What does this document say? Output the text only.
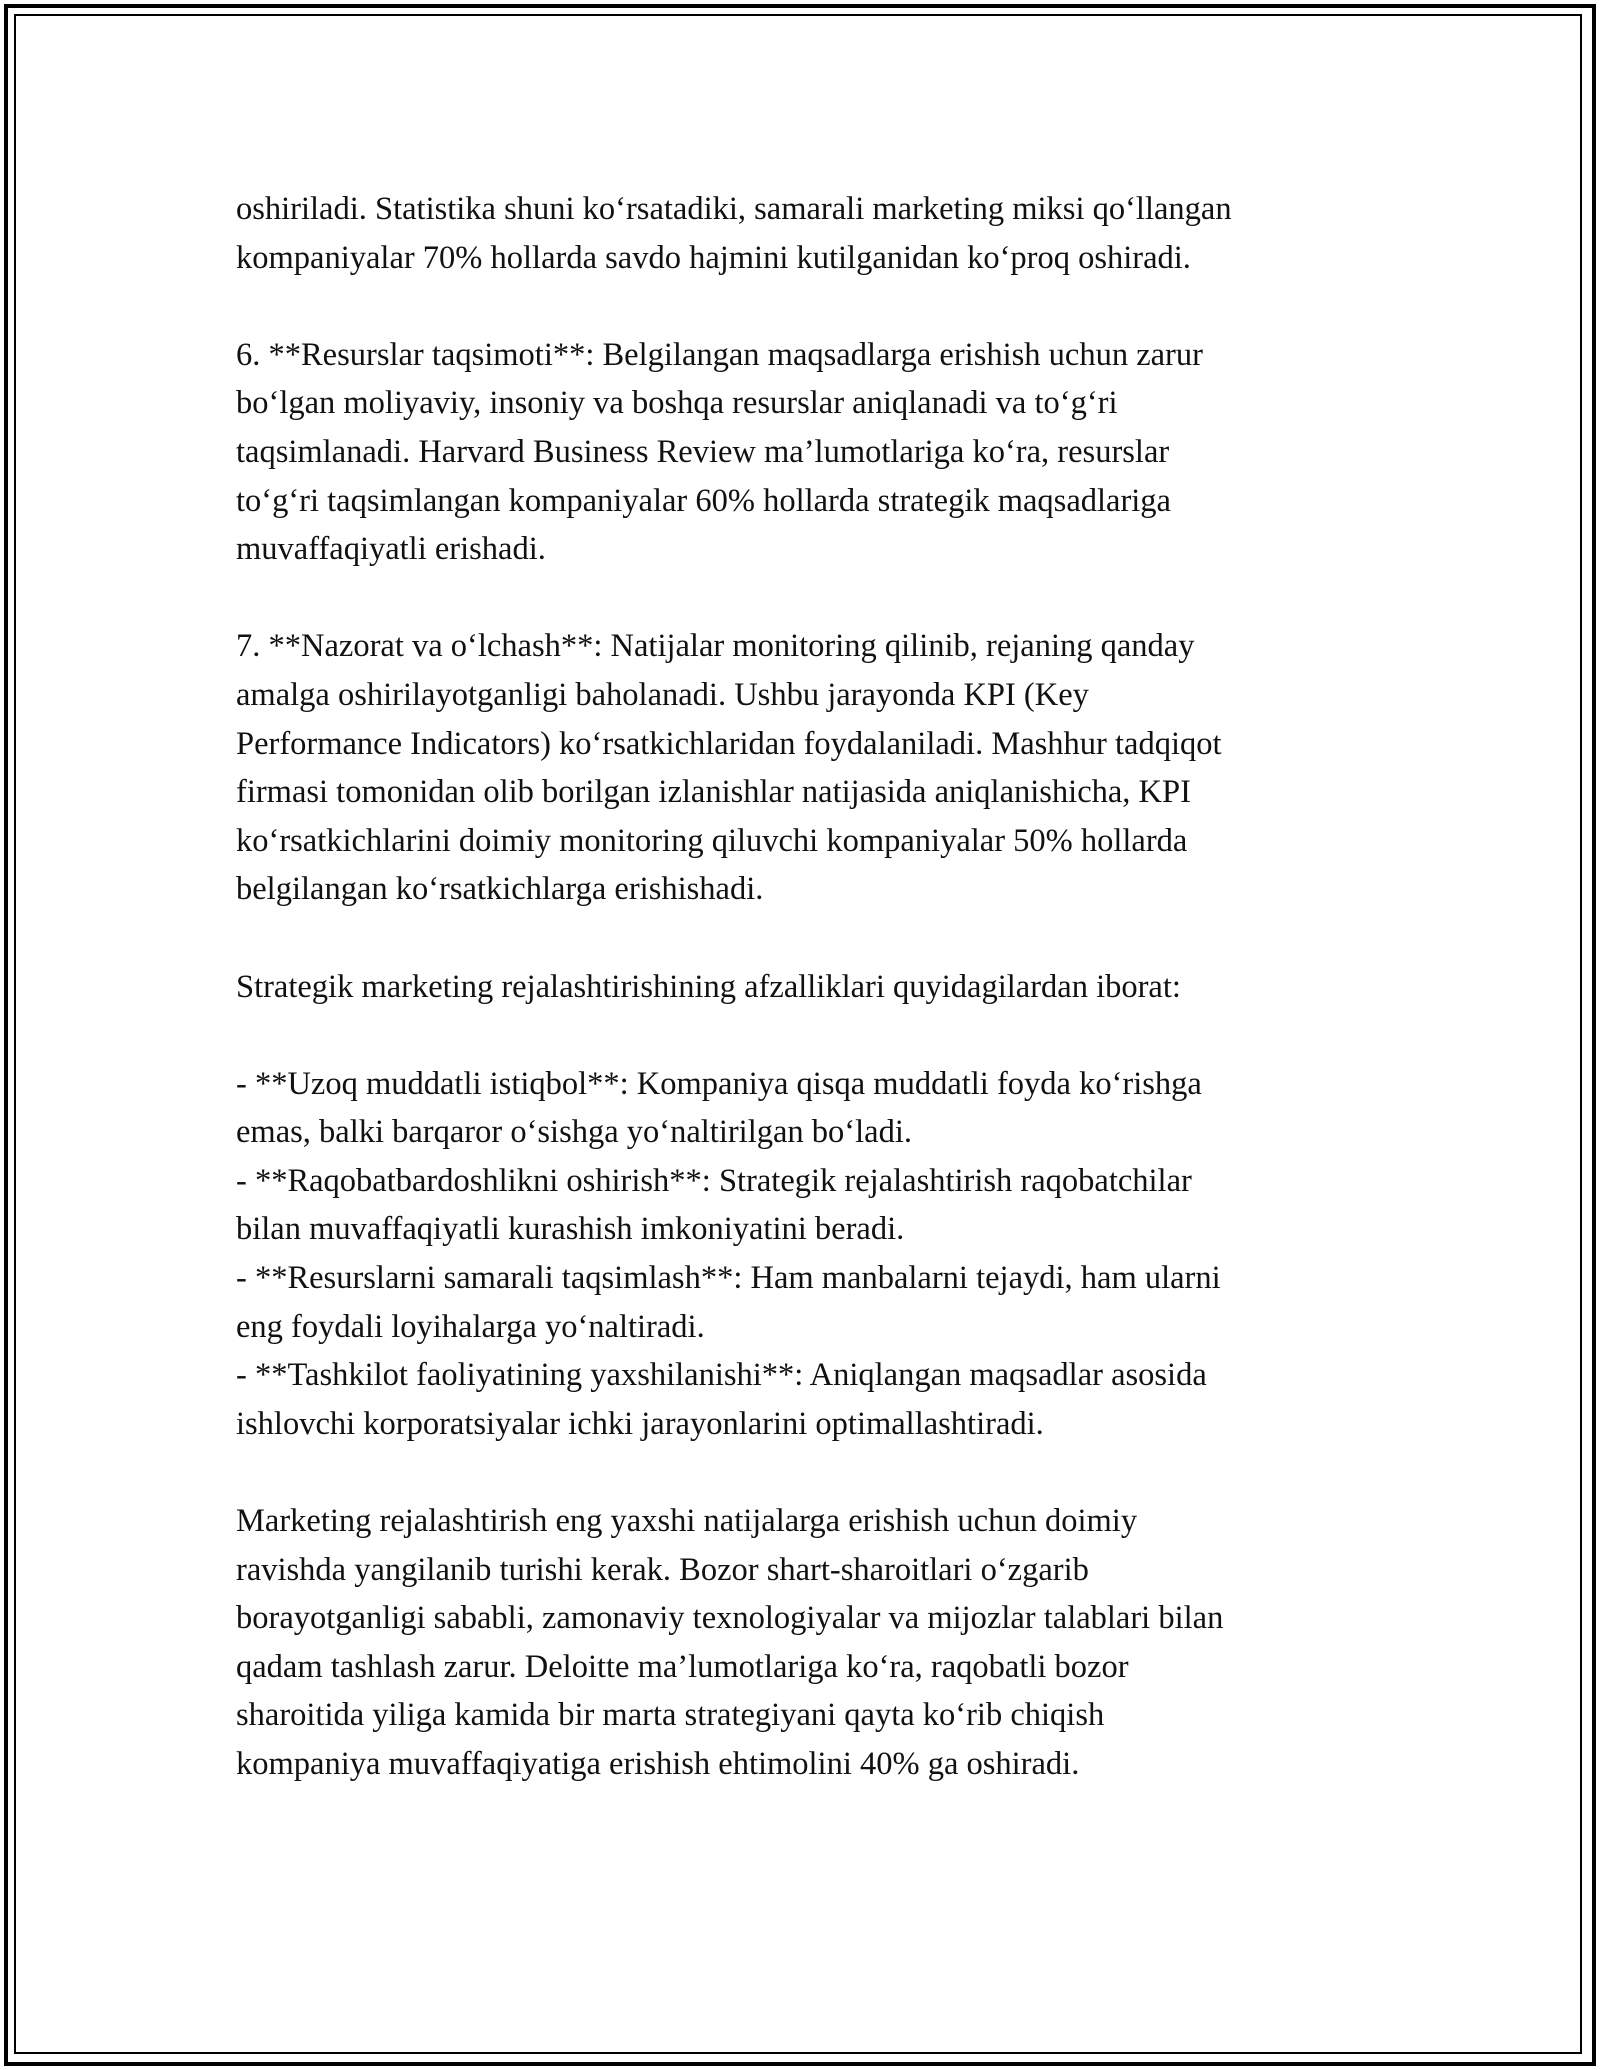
oshiriladi. Statistika shuni ko‘rsatadiki, samarali marketing miksi qo‘llangan
kompaniyalar 70% hollarda savdo hajmini kutilganidan ko‘proq oshiradi.

6. **Resurslar taqsimoti**: Belgilangan maqsadlarga erishish uchun zarur
bo‘lgan moliyaviy, insoniy va boshqa resurslar aniqlanadi va to‘g‘ri
taqsimlanadi. Harvard Business Review ma’lumotlariga ko‘ra, resurslar
to‘g‘ri taqsimlangan kompaniyalar 60% hollarda strategik maqsadlariga
muvaffaqiyatli erishadi.

7. **Nazorat va o‘lchash**: Natijalar monitoring qilinib, rejaning qanday
amalga oshirilayotganligi baholanadi. Ushbu jarayonda KPI (Key
Performance Indicators) ko‘rsatkichlaridan foydalaniladi. Mashhur tadqiqot
firmasi tomonidan olib borilgan izlanishlar natijasida aniqlanishicha, KPI
ko‘rsatkichlarini doimiy monitoring qiluvchi kompaniyalar 50% hollarda
belgilangan ko‘rsatkichlarga erishishadi.

Strategik marketing rejalashtirishining afzalliklari quyidagilardan iborat:

- **Uzoq muddatli istiqbol**: Kompaniya qisqa muddatli foyda ko‘rishga
emas, balki barqaror o‘sishga yo‘naltirilgan bo‘ladi.
- **Raqobatbardoshlikni oshirish**: Strategik rejalashtirish raqobatchilar
bilan muvaffaqiyatli kurashish imkoniyatini beradi.
- **Resurslarni samarali taqsimlash**: Ham manbalarni tejaydi, ham ularni
eng foydali loyihalarga yo‘naltiradi.
- **Tashkilot faoliyatining yaxshilanishi**: Aniqlangan maqsadlar asosida
ishlovchi korporatsiyalar ichki jarayonlarini optimallashtiradi.

Marketing rejalashtirish eng yaxshi natijalarga erishish uchun doimiy
ravishda yangilanib turishi kerak. Bozor shart-sharoitlari o‘zgarib
borayotganligi sababli, zamonaviy texnologiyalar va mijozlar talablari bilan
qadam tashlash zarur. Deloitte ma’lumotlariga ko‘ra, raqobatli bozor
sharoitida yiliga kamida bir marta strategiyani qayta ko‘rib chiqish
kompaniya muvaffaqiyatiga erishish ehtimolini 40% ga oshiradi.
